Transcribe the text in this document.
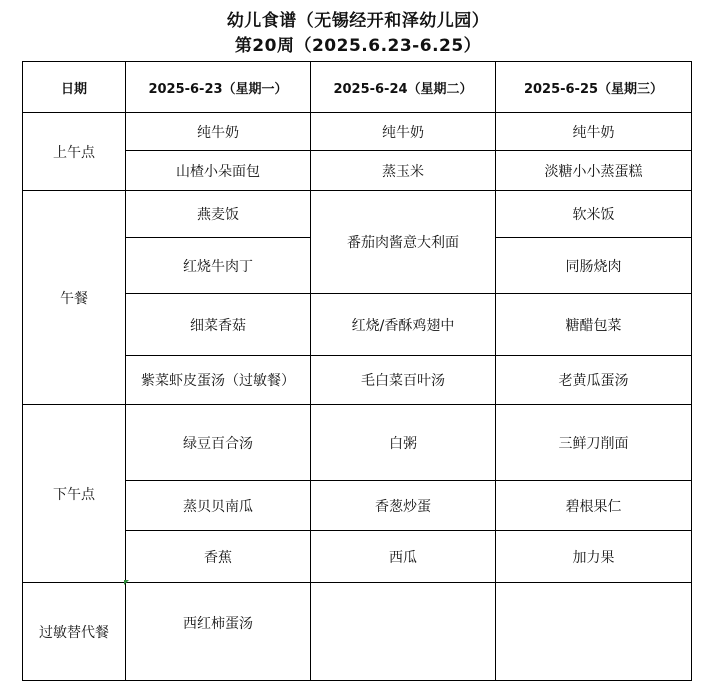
幼儿食谱（无锡经开和泽幼儿园）
第20周（2025.6.23-6.25）
日期	2025-6-23（星期一）	2025-6-24（星期二）	2025-6-25（星期三）
上午点	纯牛奶	纯牛奶	纯牛奶
	山楂小朵面包	蒸玉米	淡糖小小蒸蛋糕
午餐	燕麦饭	番茄肉酱意大利面	软米饭
	红烧牛肉丁		同肠烧肉
	细菜香菇	红烧/香酥鸡翅中	糖醋包菜
	紫菜虾皮蛋汤（过敏餐）	毛白菜百叶汤	老黄瓜蛋汤
下午点	绿豆百合汤	白粥	三鲜刀削面
	蒸贝贝南瓜	香葱炒蛋	碧根果仁
	香蕉	西瓜	加力果
过敏替代餐	西红柿蛋汤		
